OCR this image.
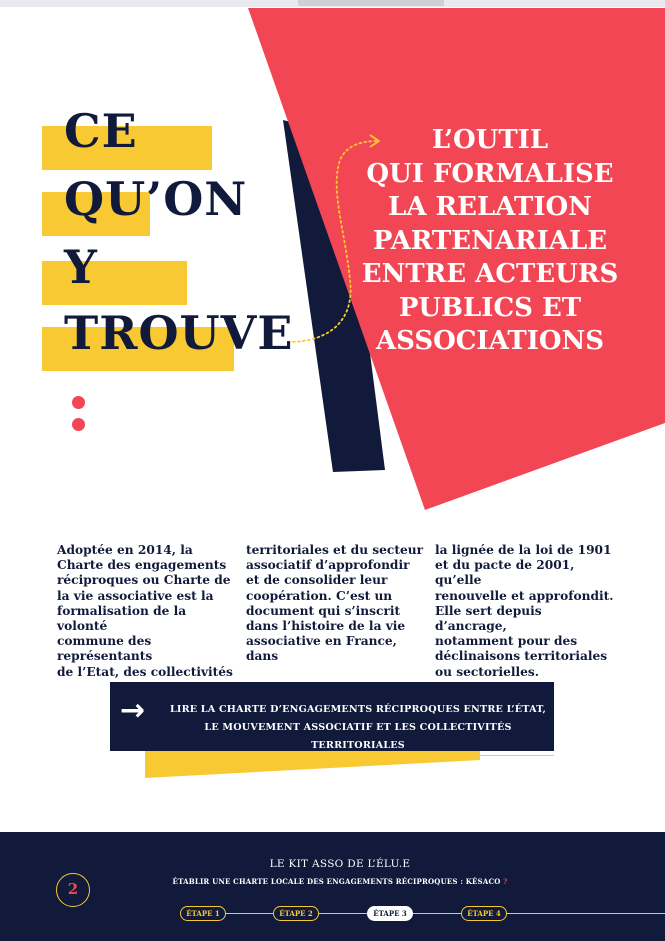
CE
QU’ON
Y
TROUVE
L’OUTIL
QUI FORMALISE
LA RELATION
PARTENARIALE
ENTRE ACTEURS
PUBLICS ET
ASSOCIATIONS
Adoptée en 2014, la
Charte des engagements
réciproques ou Charte de
la vie associative est la
formalisation de la volonté
commune des représentants
de l’Etat, des collectivités
territoriales et du secteur
associatif d’approfondir
et de consolider leur
coopération. C’est un
document qui s’inscrit
dans l’histoire de la vie
associative en France, dans
la lignée de la loi de 1901
et du pacte de 2001, qu’elle
renouvelle et approfondit.
Elle sert depuis d’ancrage,
notamment pour des
déclinaisons territoriales
ou sectorielles.
→	LIRE LA CHARTE D’ENGAGEMENTS RÉCIPROQUES ENTRE L’ÉTAT,
LE MOUVEMENT ASSOCIATIF ET LES COLLECTIVITÉS TERRITORIALES
2
LE KIT ASSO DE L’ÉLU.E
ÉTABLIR UNE CHARTE LOCALE DES ENGAGEMENTS RÉCIPROQUES : KÉSACO ?
ÉTAPE 1	ÉTAPE 2	ÉTAPE 3	ÉTAPE 4
